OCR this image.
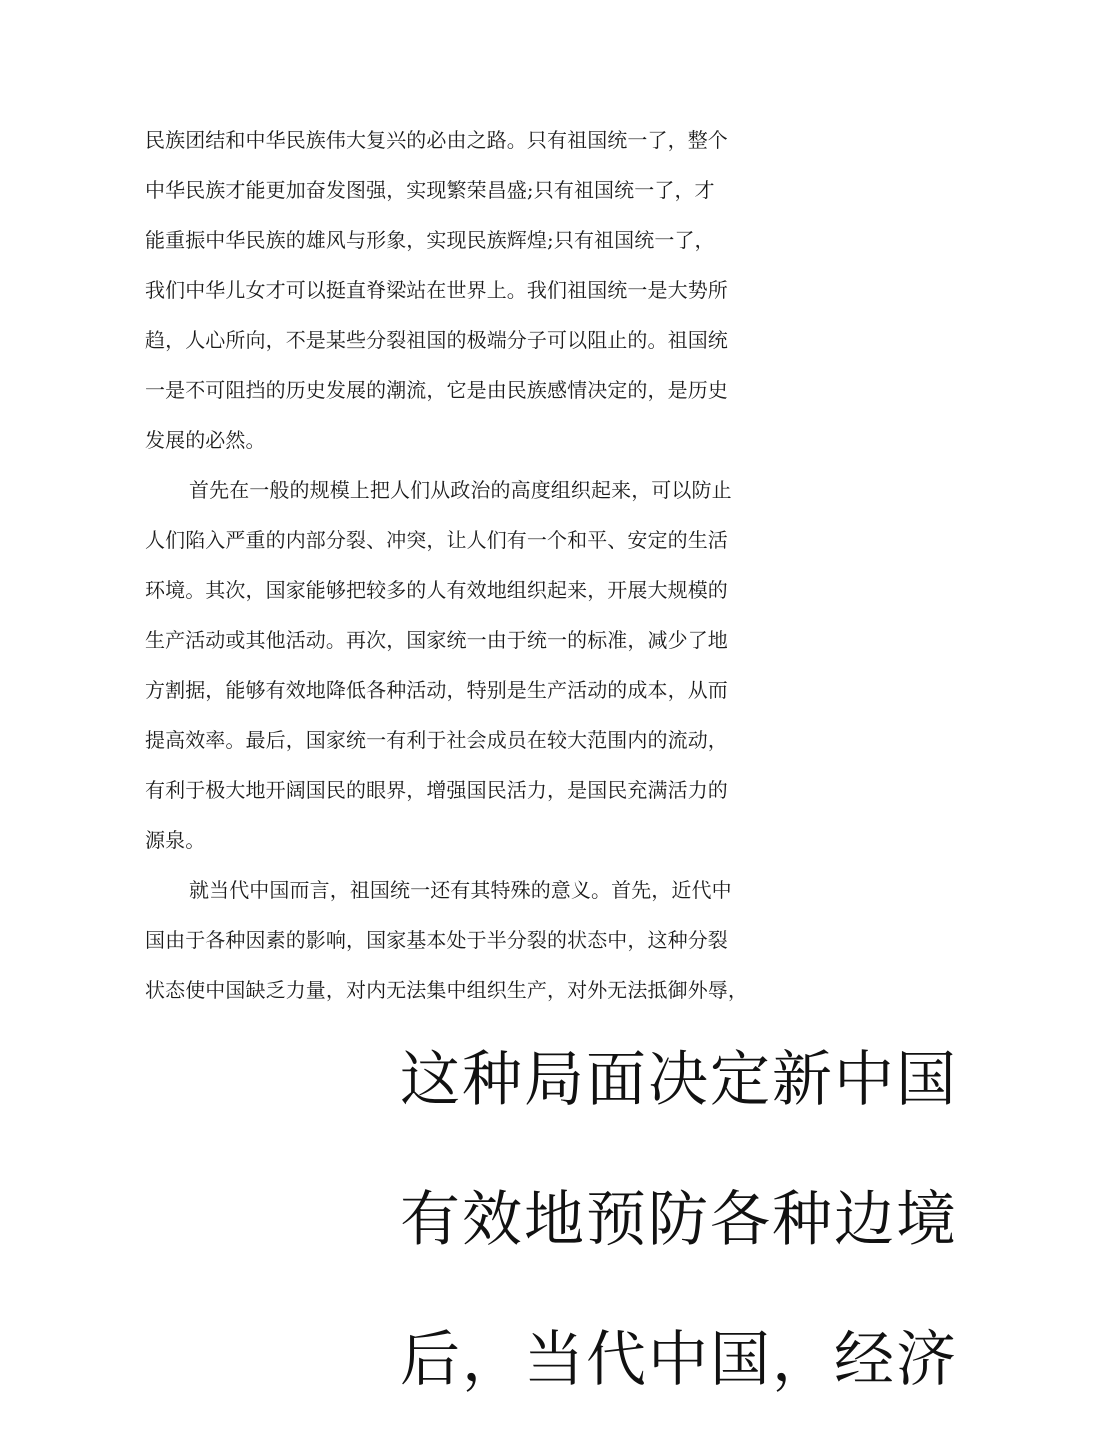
民族团结和中华民族伟大复兴的必由之路。只有祖国统一了，整个
中华民族才能更加奋发图强，实现繁荣昌盛;只有祖国统一了，才
能重振中华民族的雄风与形象，实现民族辉煌;只有祖国统一了，
我们中华儿女才可以挺直脊梁站在世界上。我们祖国统一是大势所
趋，人心所向，不是某些分裂祖国的极端分子可以阻止的。祖国统
一是不可阻挡的历史发展的潮流，它是由民族感情决定的，是历史
发展的必然。

首先在一般的规模上把人们从政治的高度组织起来，可以防止
人们陷入严重的内部分裂、冲突，让人们有一个和平、安定的生活
环境。其次，国家能够把较多的人有效地组织起来，开展大规模的
生产活动或其他活动。再次，国家统一由于统一的标准，减少了地
方割据，能够有效地降低各种活动，特别是生产活动的成本，从而
提高效率。最后，国家统一有利于社会成员在较大范围内的流动，
有利于极大地开阔国民的眼界，增强国民活力，是国民充满活力的
源泉。

就当代中国而言，祖国统一还有其特殊的意义。首先，近代中
国由于各种因素的影响，国家基本处于半分裂的状态中，这种分裂
状态使中国缺乏力量，对内无法集中组织生产，对外无法抵御外辱，

这种局面决定新中国
有效地预防各种边境
后，当代中国，经济
